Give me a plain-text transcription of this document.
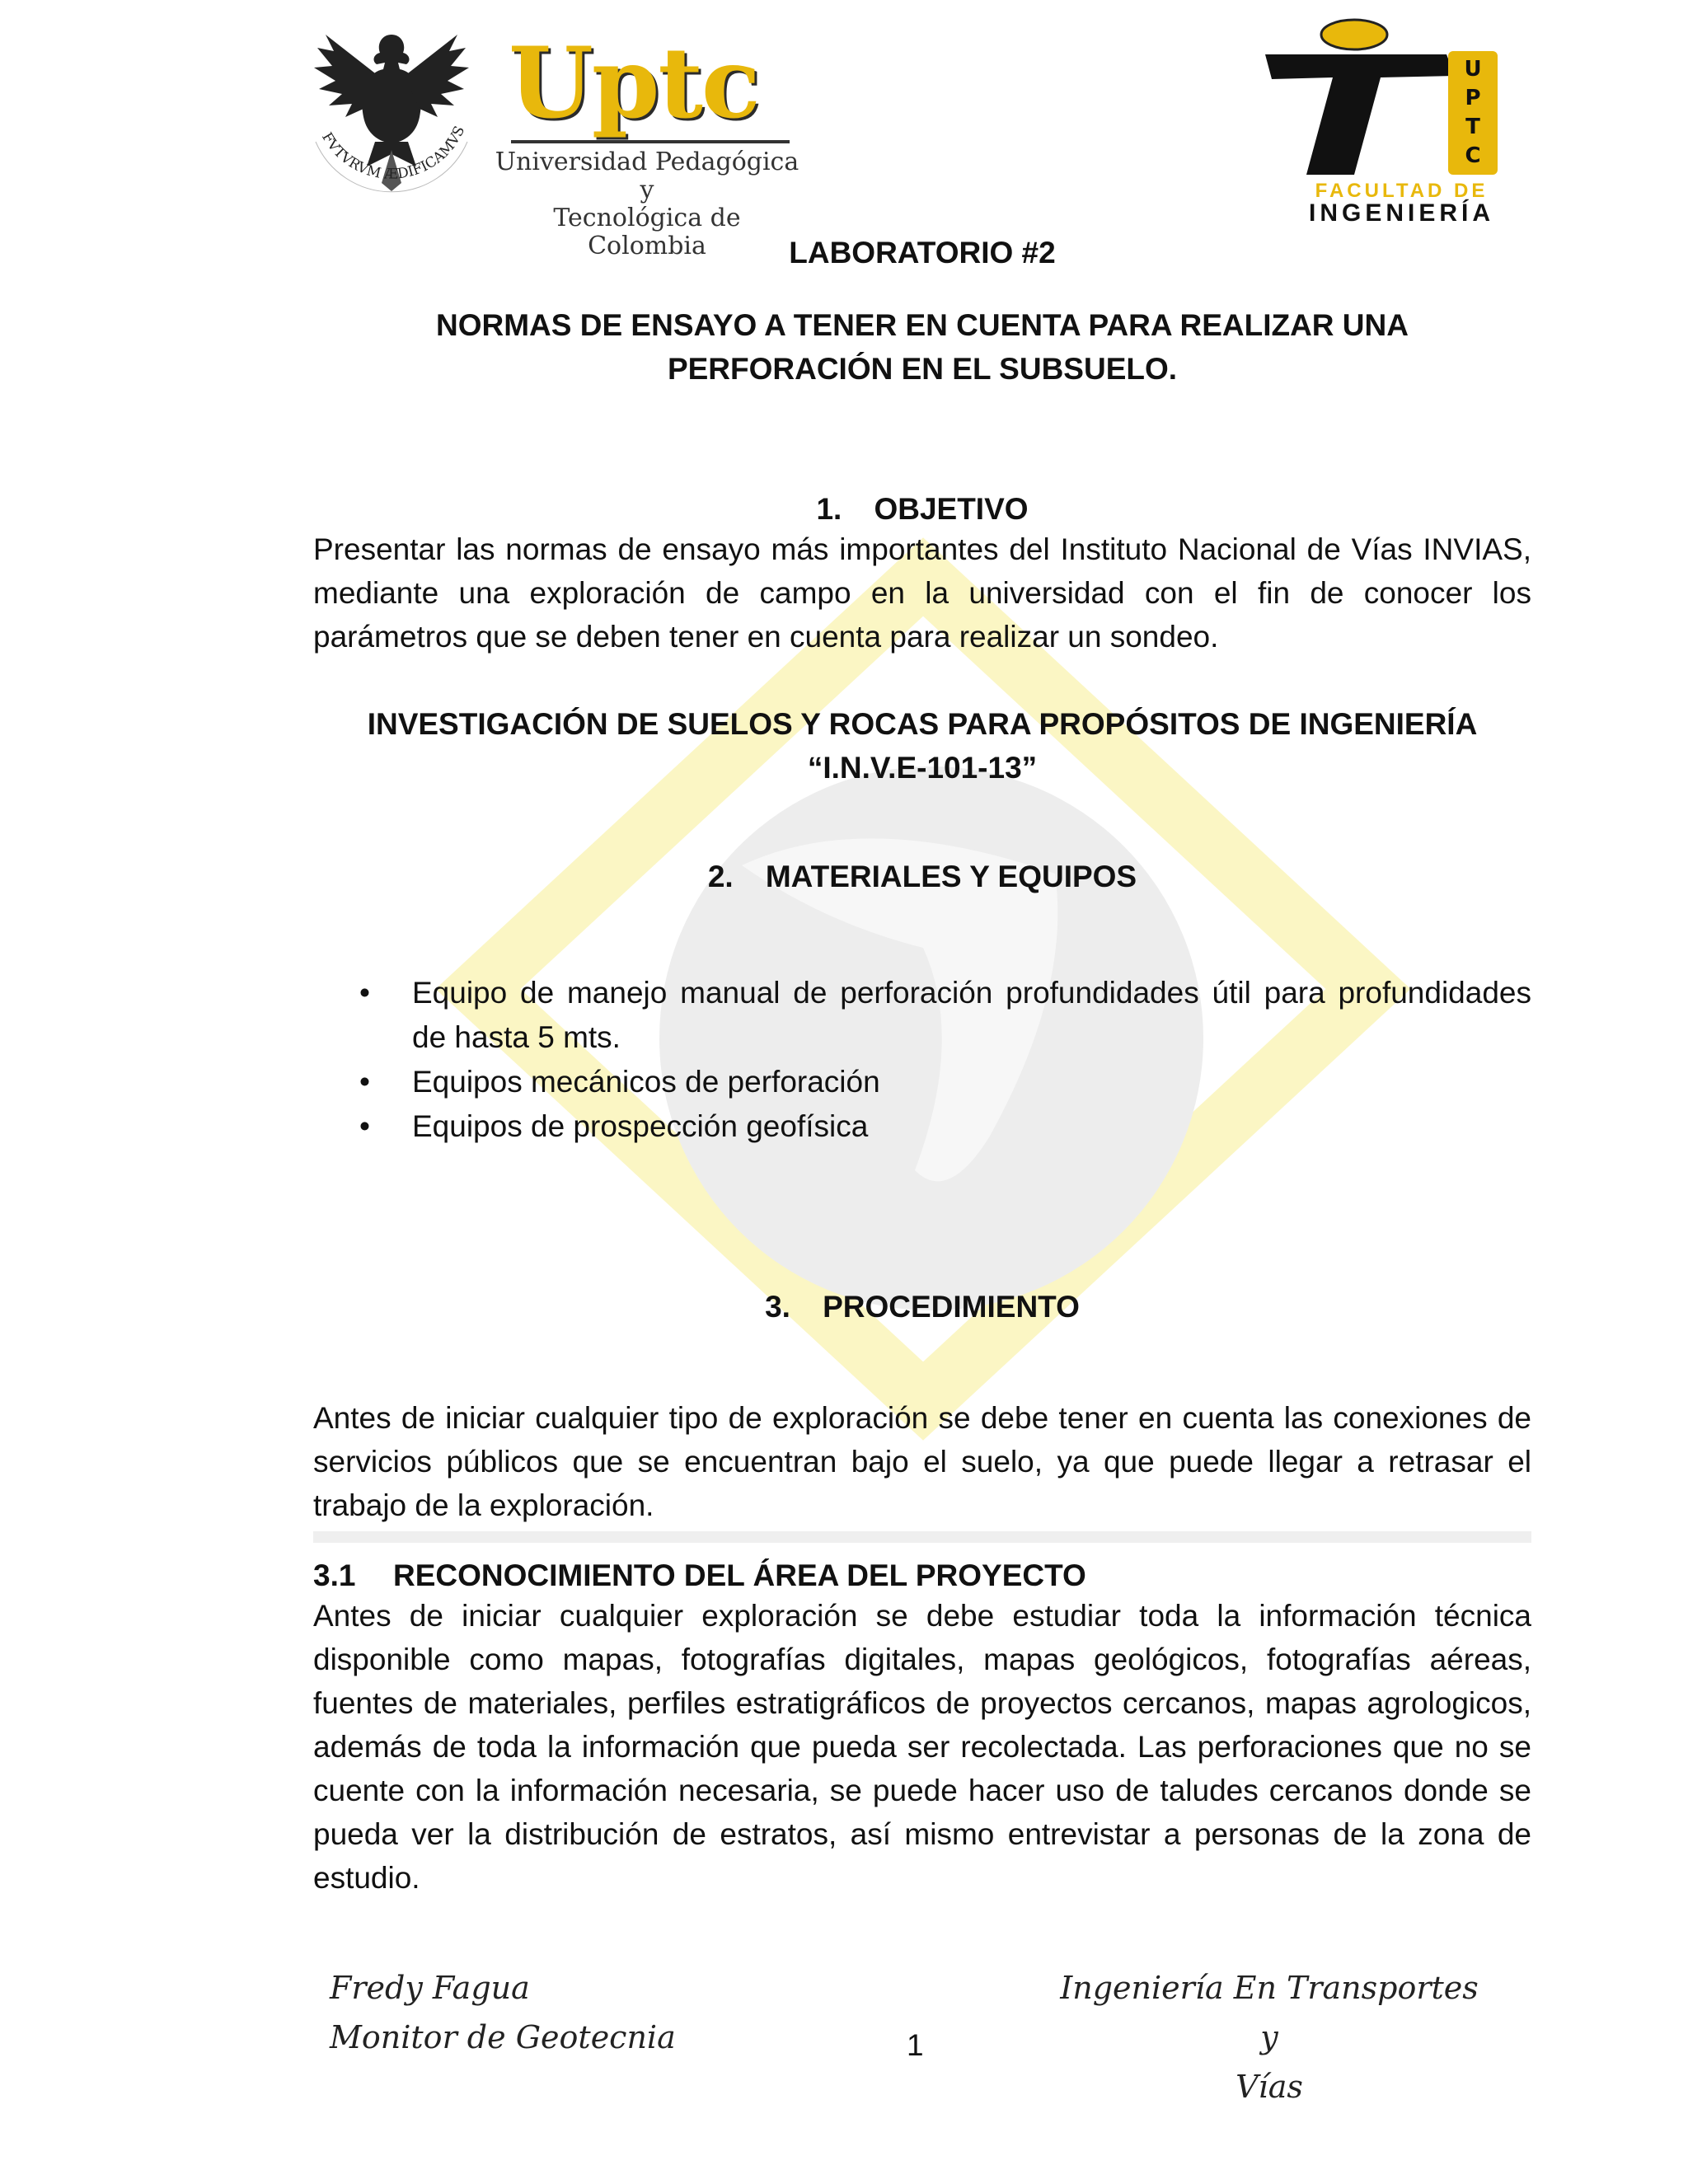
FVTVRVM ÆDIFICAMVS Uptc
Universidad Pedagógica y
Tecnológica de Colombia
U
P
T
C
FACULTAD DE
INGENIERÍA
LABORATORIO #2
NORMAS DE ENSAYO A TENER EN CUENTA PARA REALIZAR UNA
PERFORACIÓN EN EL SUBSUELO.
1. OBJETIVO
Presentar las normas de ensayo más importantes del Instituto Nacional de Vías INVIAS, mediante una exploración de campo en la universidad con el fin de conocer los parámetros que se deben tener en cuenta para realizar un sondeo.
INVESTIGACIÓN DE SUELOS Y ROCAS PARA PROPÓSITOS DE INGENIERÍA
“I.N.V.E-101-13”
2. MATERIALES Y EQUIPOS
• Equipo de manejo manual de perforación profundidades útil para profundidades de hasta 5 mts.
• Equipos mecánicos de perforación
• Equipos de prospección geofísica
3. PROCEDIMIENTO
Antes de iniciar cualquier tipo de exploración se debe tener en cuenta las conexiones de servicios públicos que se encuentran bajo el suelo, ya que puede llegar a retrasar el trabajo de la exploración.
3.1 RECONOCIMIENTO DEL ÁREA DEL PROYECTO
Antes de iniciar cualquier exploración se debe estudiar toda la información técnica disponible como mapas, fotografías digitales, mapas geológicos, fotografías aéreas, fuentes de materiales, perfiles estratigráficos de proyectos cercanos, mapas agrologicos, además de toda la información que pueda ser recolectada. Las perforaciones que no se cuente con la información necesaria, se puede hacer uso de taludes cercanos donde se pueda ver la distribución de estratos, así mismo entrevistar a personas de la zona de estudio.
Fredy Fagua
Monitor de Geotecnia	1
Ingeniería En Transportes y
Vías
